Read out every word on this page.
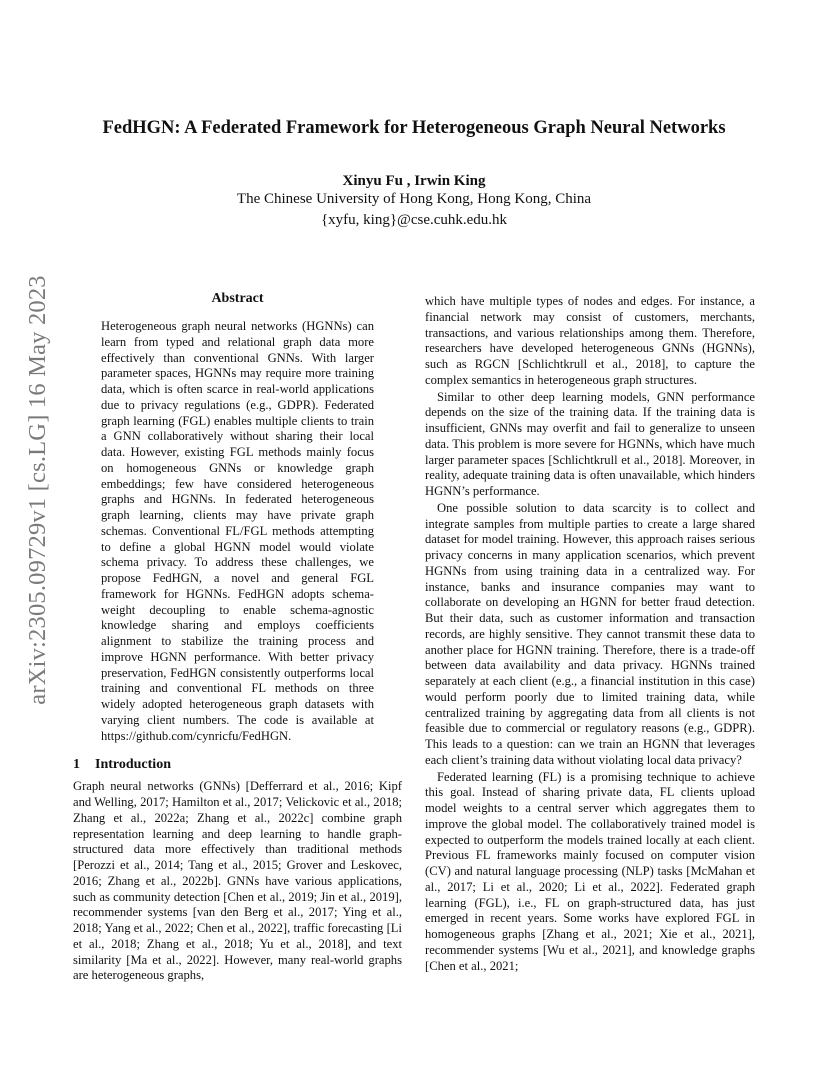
arXiv:2305.09729v1 [cs.LG] 16 May 2023
FedHGN: A Federated Framework for Heterogeneous Graph Neural Networks
Xinyu Fu , Irwin King
The Chinese University of Hong Kong, Hong Kong, China
{xyfu, king}@cse.cuhk.edu.hk
Abstract

Heterogeneous graph neural networks (HGNNs) can learn from typed and relational graph data more effectively than conventional GNNs. With larger parameter spaces, HGNNs may require more training data, which is often scarce in real-world applications due to privacy regulations (e.g., GDPR). Federated graph learning (FGL) enables multiple clients to train a GNN collaboratively without sharing their local data. However, existing FGL methods mainly focus on homogeneous GNNs or knowledge graph embeddings; few have considered heterogeneous graphs and HGNNs. In federated heterogeneous graph learning, clients may have private graph schemas. Conventional FL/FGL methods attempting to define a global HGNN model would violate schema privacy. To address these challenges, we propose FedHGN, a novel and general FGL framework for HGNNs. FedHGN adopts schema-weight decoupling to enable schema-agnostic knowledge sharing and employs coefficients alignment to stabilize the training process and improve HGNN performance. With better privacy preservation, FedHGN consistently outperforms local training and conventional FL methods on three widely adopted heterogeneous graph datasets with varying client numbers. The code is available at https://github.com/cynricfu/FedHGN.

1 Introduction

Graph neural networks (GNNs) [Defferrard et al., 2016; Kipf and Welling, 2017; Hamilton et al., 2017; Velickovic et al., 2018; Zhang et al., 2022a; Zhang et al., 2022c] combine graph representation learning and deep learning to handle graph-structured data more effectively than traditional methods [Perozzi et al., 2014; Tang et al., 2015; Grover and Leskovec, 2016; Zhang et al., 2022b]. GNNs have various applications, such as community detection [Chen et al., 2019; Jin et al., 2019], recommender systems [van den Berg et al., 2017; Ying et al., 2018; Yang et al., 2022; Chen et al., 2022], traffic forecasting [Li et al., 2018; Zhang et al., 2018; Yu et al., 2018], and text similarity [Ma et al., 2022]. However, many real-world graphs are heterogeneous graphs,

which have multiple types of nodes and edges. For instance, a financial network may consist of customers, merchants, transactions, and various relationships among them. Therefore, researchers have developed heterogeneous GNNs (HGNNs), such as RGCN [Schlichtkrull et al., 2018], to capture the complex semantics in heterogeneous graph structures.

Similar to other deep learning models, GNN performance depends on the size of the training data. If the training data is insufficient, GNNs may overfit and fail to generalize to unseen data. This problem is more severe for HGNNs, which have much larger parameter spaces [Schlichtkrull et al., 2018]. Moreover, in reality, adequate training data is often unavailable, which hinders HGNN’s performance.

One possible solution to data scarcity is to collect and integrate samples from multiple parties to create a large shared dataset for model training. However, this approach raises serious privacy concerns in many application scenarios, which prevent HGNNs from using training data in a centralized way. For instance, banks and insurance companies may want to collaborate on developing an HGNN for better fraud detection. But their data, such as customer information and transaction records, are highly sensitive. They cannot transmit these data to another place for HGNN training. Therefore, there is a trade-off between data availability and data privacy. HGNNs trained separately at each client (e.g., a financial institution in this case) would perform poorly due to limited training data, while centralized training by aggregating data from all clients is not feasible due to commercial or regulatory reasons (e.g., GDPR). This leads to a question: can we train an HGNN that leverages each client’s training data without violating local data privacy?

Federated learning (FL) is a promising technique to achieve this goal. Instead of sharing private data, FL clients upload model weights to a central server which aggregates them to improve the global model. The collaboratively trained model is expected to outperform the models trained locally at each client. Previous FL frameworks mainly focused on computer vision (CV) and natural language processing (NLP) tasks [McMahan et al., 2017; Li et al., 2020; Li et al., 2022]. Federated graph learning (FGL), i.e., FL on graph-structured data, has just emerged in recent years. Some works have explored FGL in homogeneous graphs [Zhang et al., 2021; Xie et al., 2021], recommender systems [Wu et al., 2021], and knowledge graphs [Chen et al., 2021;
